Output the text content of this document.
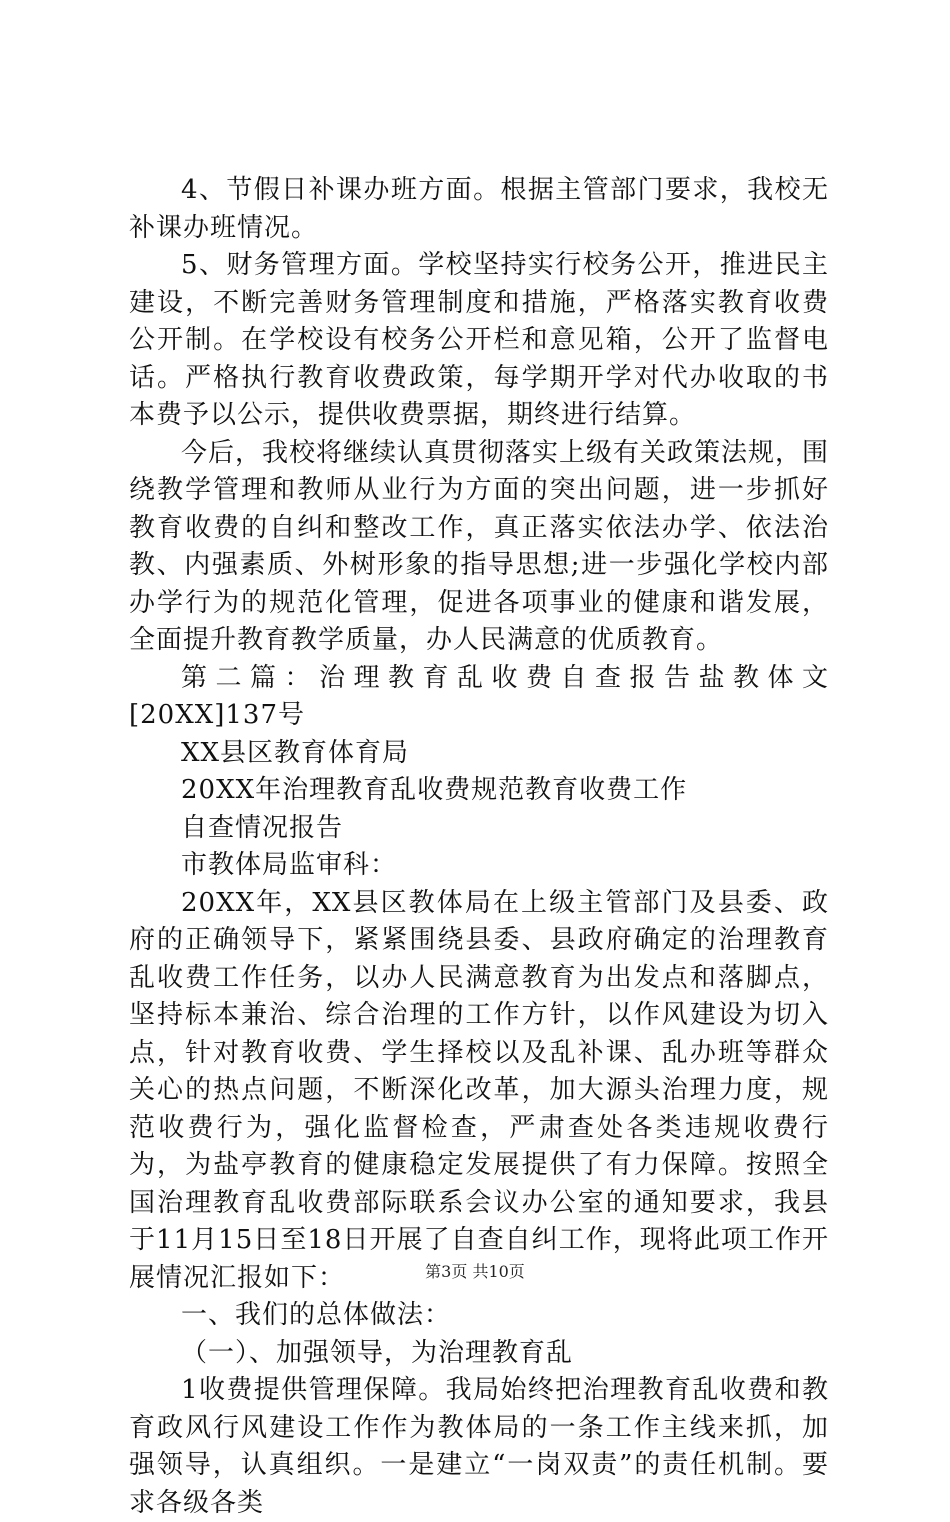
4、节假日补课办班方面。根据主管部门要求，我校无补课办班情况。

5、财务管理方面。学校坚持实行校务公开，推进民主建设，不断完善财务管理制度和措施，严格落实教育收费公开制。在学校设有校务公开栏和意见箱，公开了监督电话。严格执行教育收费政策，每学期开学对代办收取的书本费予以公示，提供收费票据，期终进行结算。

今后，我校将继续认真贯彻落实上级有关政策法规，围绕教学管理和教师从业行为方面的突出问题，进一步抓好教育收费的自纠和整改工作，真正落实依法办学、依法治教、内强素质、外树形象的指导思想;进一步强化学校内部办学行为的规范化管理，促进各项事业的健康和谐发展，全面提升教育教学质量，办人民满意的优质教育。

第二篇：治理教育乱收费自查报告盐教体文[20XX]137号

XX县区教育体育局

20XX年治理教育乱收费规范教育收费工作

自查情况报告

市教体局监审科：

20XX年，XX县区教体局在上级主管部门及县委、政府的正确领导下，紧紧围绕县委、县政府确定的治理教育乱收费工作任务，以办人民满意教育为出发点和落脚点，坚持标本兼治、综合治理的工作方针，以作风建设为切入点，针对教育收费、学生择校以及乱补课、乱办班等群众关心的热点问题，不断深化改革，加大源头治理力度，规范收费行为，强化监督检查，严肃查处各类违规收费行为，为盐亭教育的健康稳定发展提供了有力保障。按照全国治理教育乱收费部际联系会议办公室的通知要求，我县于11月15日至18日开展了自查自纠工作，现将此项工作开展情况汇报如下：

一、我们的总体做法：

（一）、加强领导，为治理教育乱

1收费提供管理保障。我局始终把治理教育乱收费和教育政风行风建设工作作为教体局的一条工作主线来抓，加强领导，认真组织。一是建立“一岗双责”的责任机制。要求各级各类

第3页 共10页
